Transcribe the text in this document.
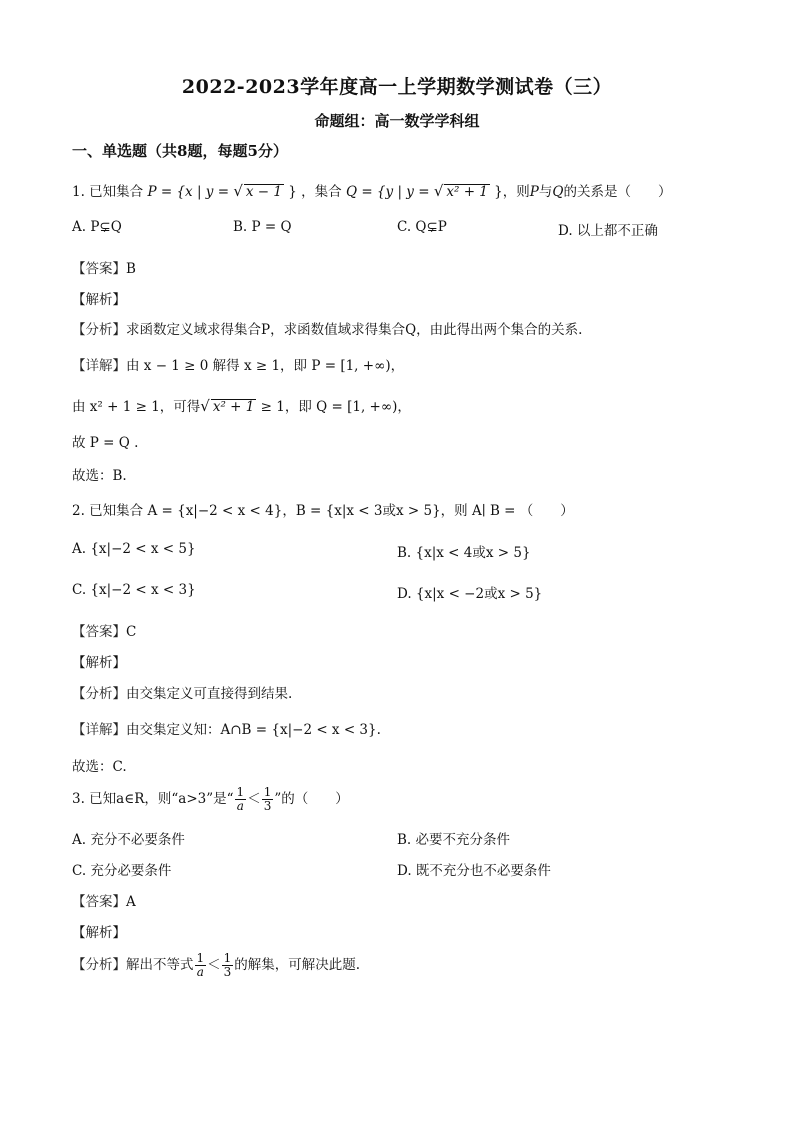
2022-2023学年度高一上学期数学测试卷（三）
命题组：高一数学学科组
一、单选题（共8题，每题5分）
1. 已知集合 P = {x | y = √ x − 1 } ，集合 Q = {y | y = √ x² + 1 }，则P与Q的关系是（　　）
A. P⊊Q	B. P = Q	C. Q⊊P	D. 以上都不正确
【答案】B
【解析】
【分析】求函数定义域求得集合P，求函数值域求得集合Q，由此得出两个集合的关系.
【详解】由 x − 1 ≥ 0 解得 x ≥ 1，即 P = [1, +∞)，
由 x² + 1 ≥ 1，可得√ x² + 1 ≥ 1，即 Q = [1, +∞)，
故 P = Q .
故选：B.
2. 已知集合 A = {x|−2 < x < 4}，B = {x|x < 3或x > 5}，则 A∣ B = （　　）
A. {x|−2 < x < 5}	B. {x|x < 4或x > 5}
C. {x|−2 < x < 3}	D. {x|x < −2或x > 5}
【答案】C
【解析】
【分析】由交集定义可直接得到结果.
【详解】由交集定义知：A∩B = {x|−2 < x < 3}.
故选：C.
3. 已知a∈R，则“a>3”是“ $\frac{1}{a} < \frac{1}{3}$ ”的（　　）
A. 充分不必要条件	B. 必要不充分条件
C. 充分必要条件	D. 既不充分也不必要条件
【答案】A
【解析】
【分析】解出不等式 $\frac{1}{a} < \frac{1}{3}$ 的解集，可解决此题.
